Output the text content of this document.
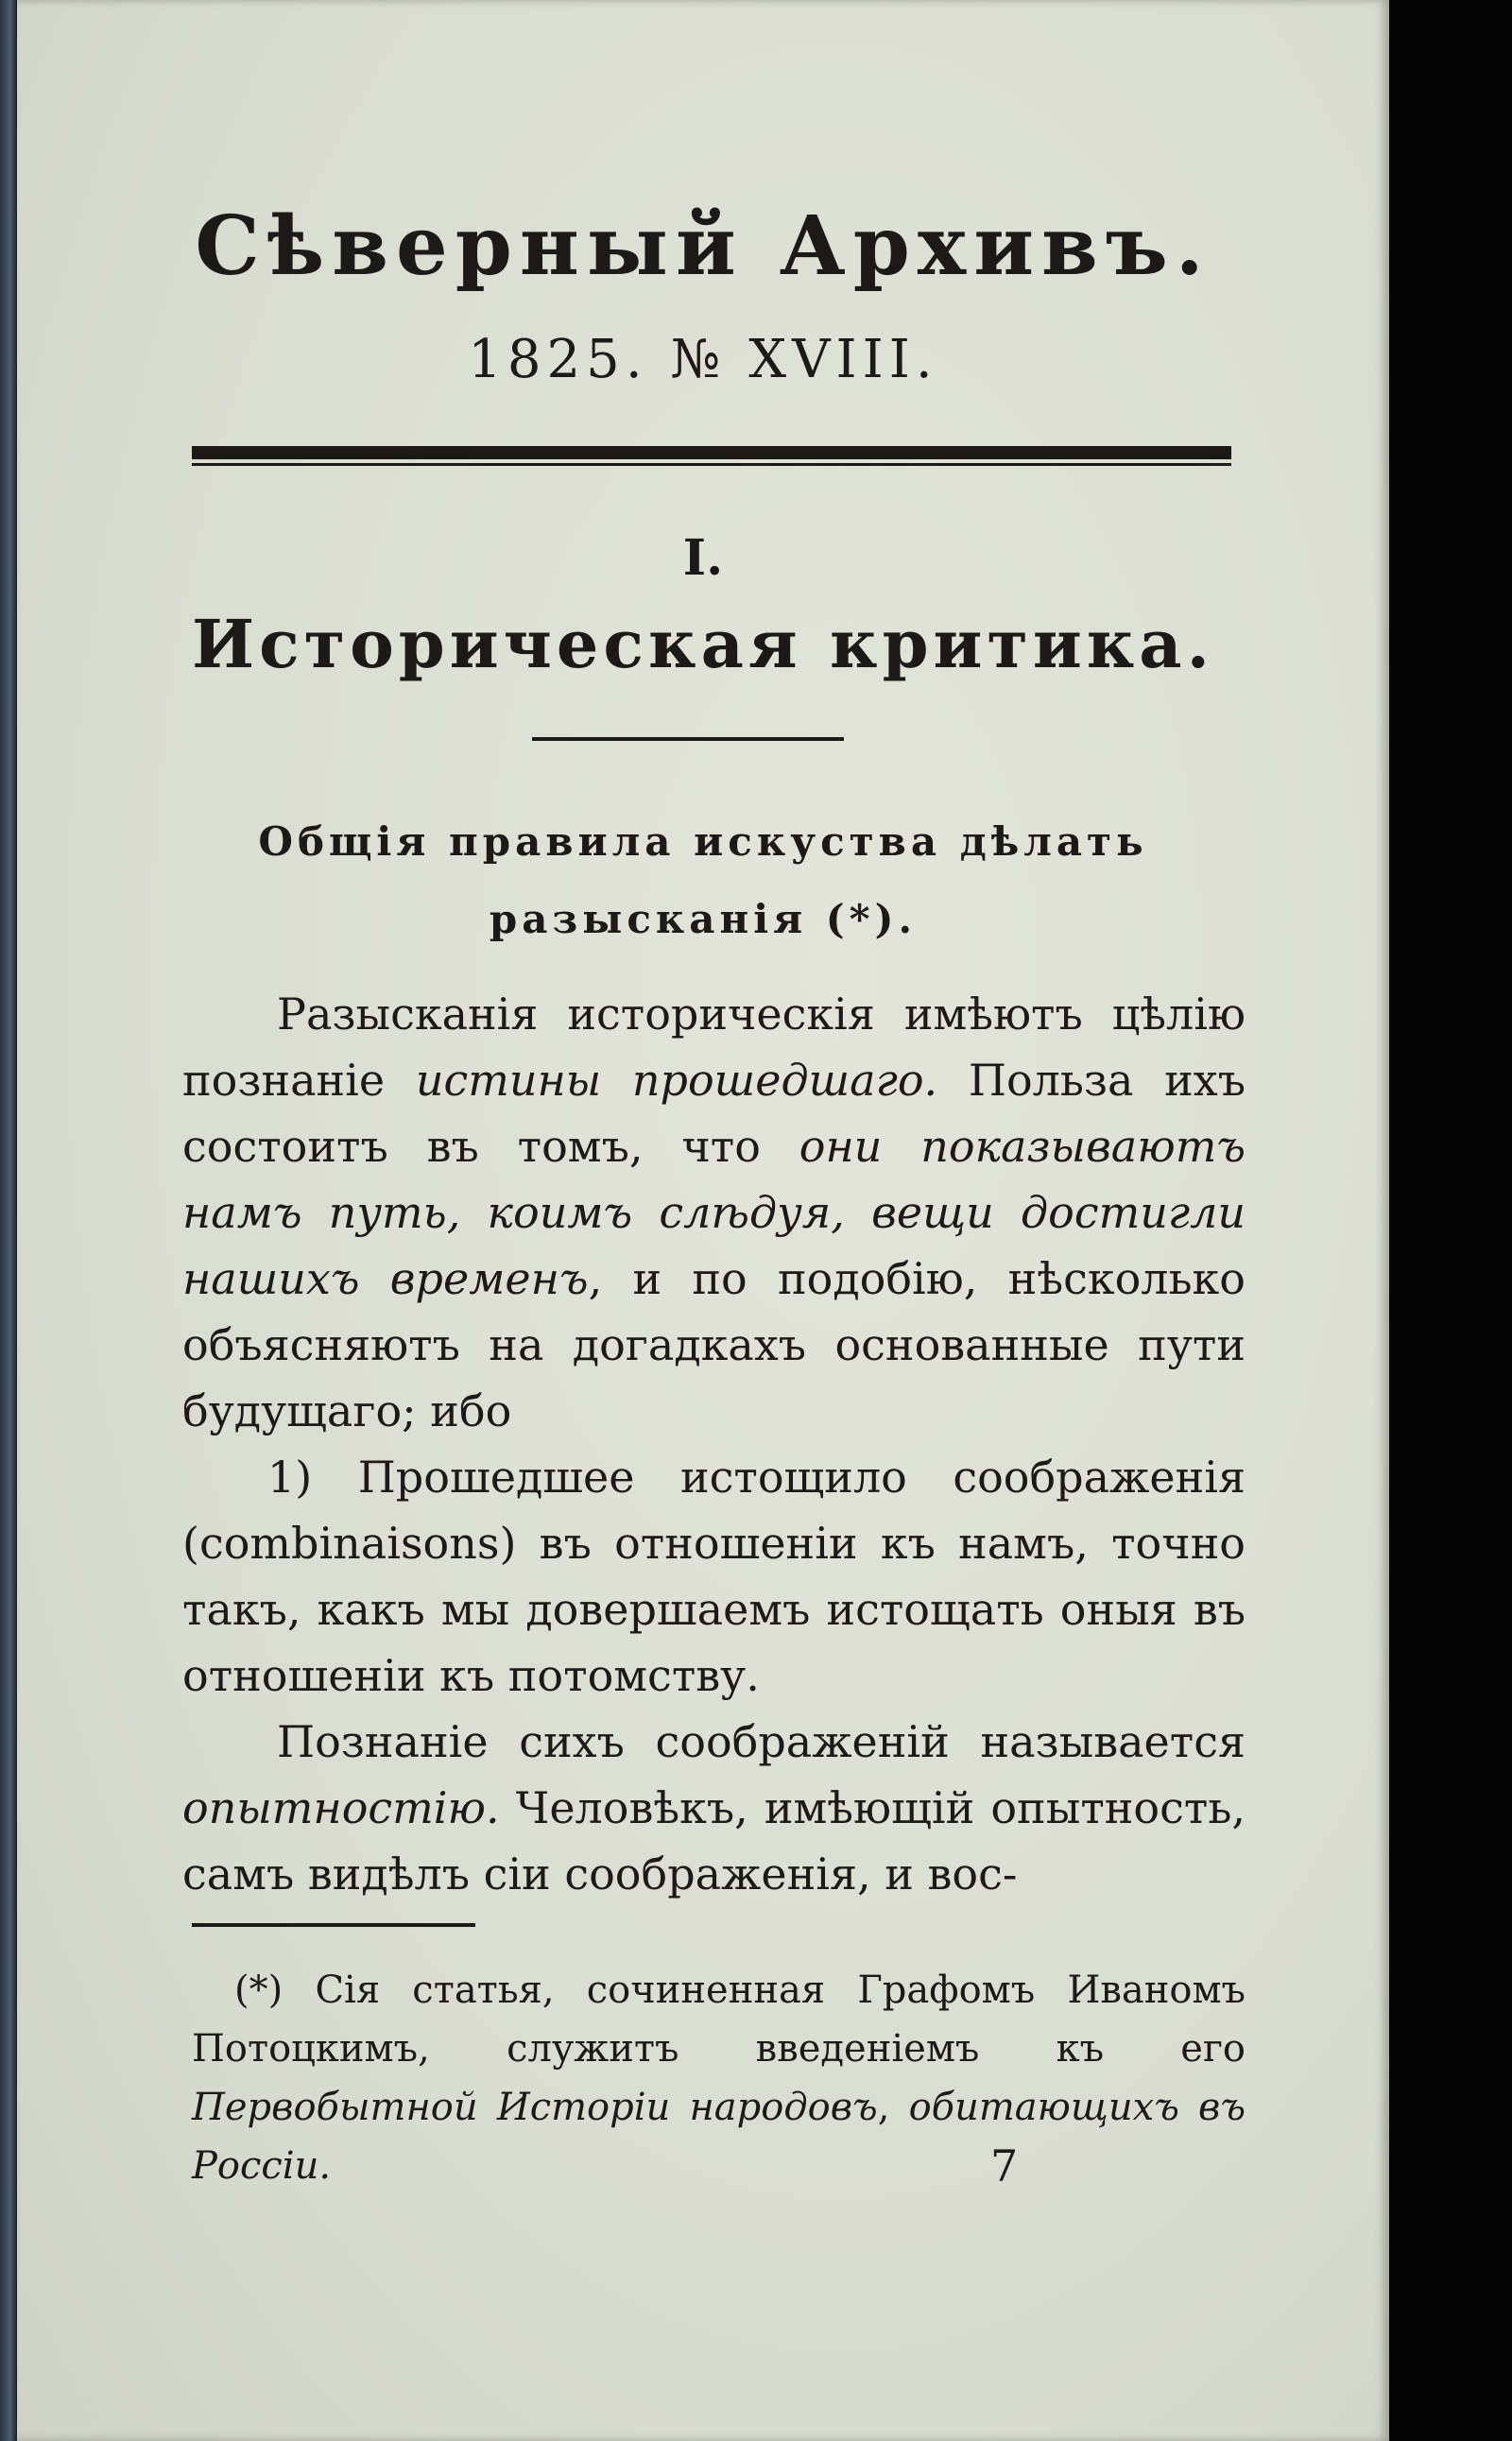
Сѣверный Архивъ.
1825. № XVIII.
I.
Историческая критика.
Общія правила искуства дѣлать
разысканія (*).

Разысканія историческія имѣютъ цѣлію познаніе истины прошедшаго. Польза ихъ состоитъ въ томъ, что они показываютъ намъ путь, коимъ слѣдуя, вещи достигли нашихъ временъ, и по подобію, нѣсколько объясняютъ на догадкахъ основанные пути будущаго; ибо

1) Прошедшее истощило соображенія (combinaisons) въ отношеніи къ намъ, точно такъ, какъ мы довершаемъ истощать оныя въ отношеніи къ потомству.

Познаніе сихъ соображеній называется опытностію. Человѣкъ, имѣющій опытность, самъ видѣлъ сіи соображенія, и вос-

(*) Сія статья, сочиненная Графомъ Иваномъ Потоцкимъ, служитъ введеніемъ къ его Первобытной Исторіи народовъ, обитающихъ въ Россіи.	7
